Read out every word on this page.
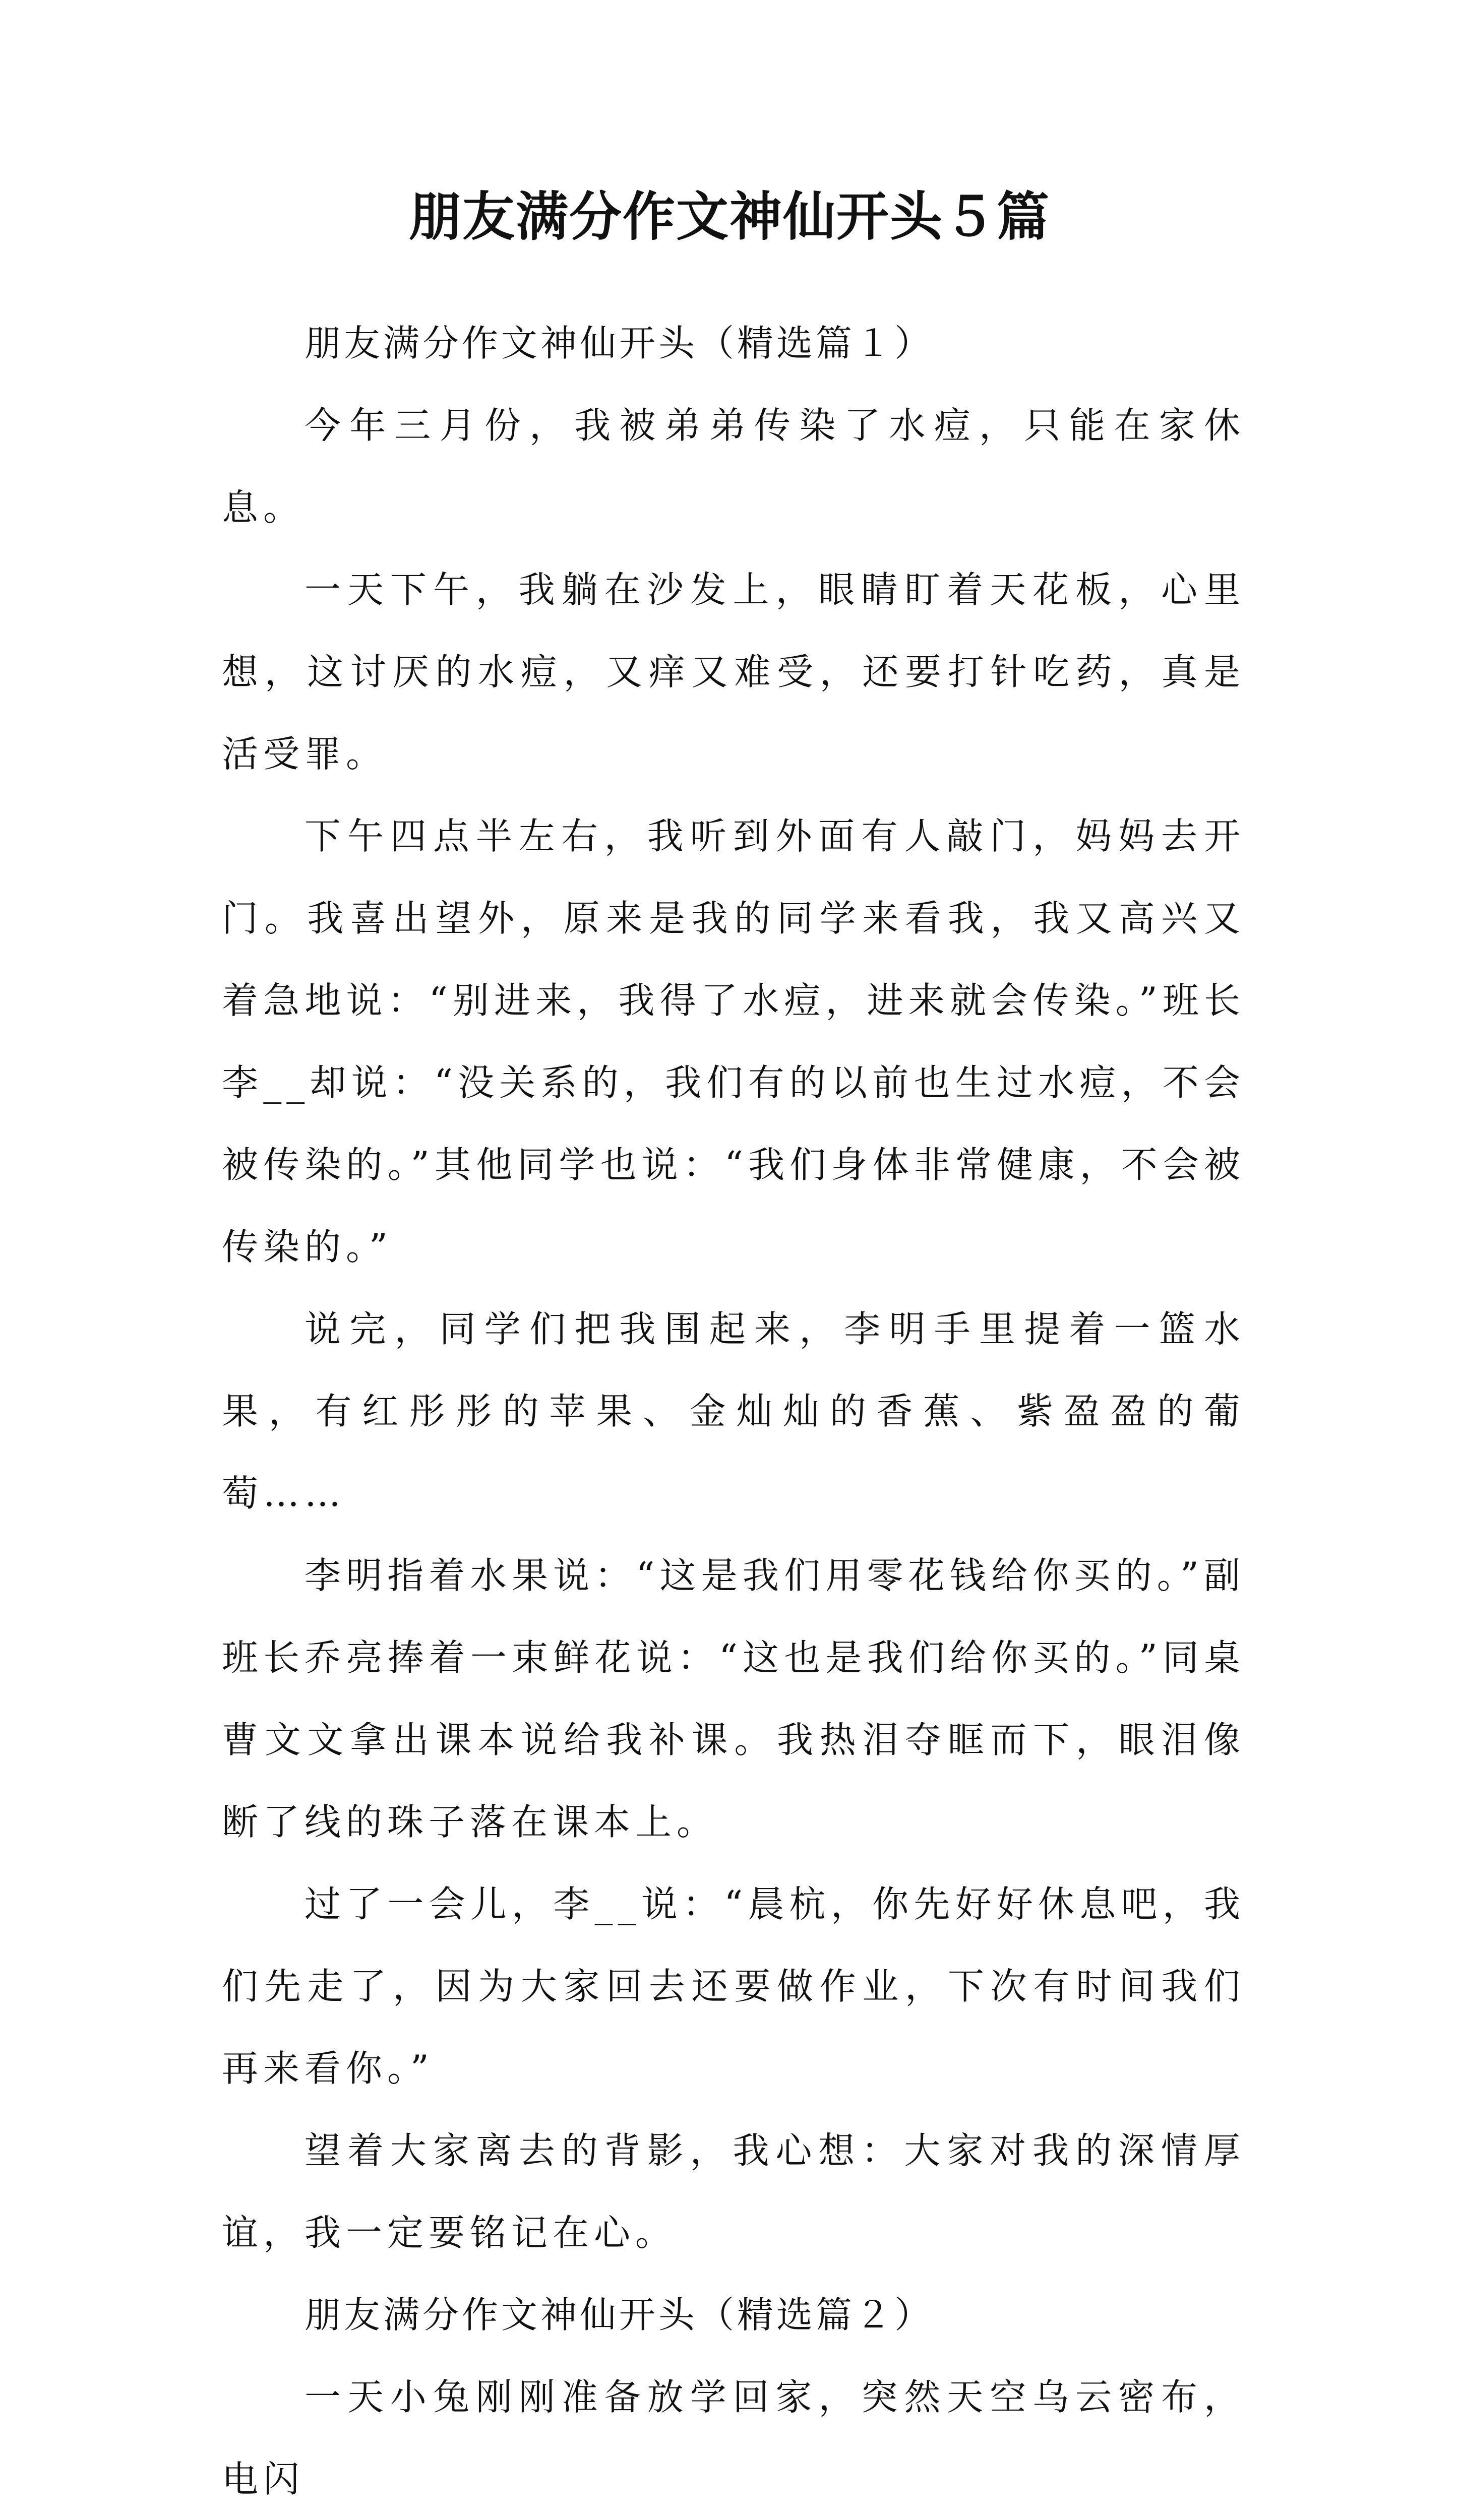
朋友满分作文神仙开头５篇

朋友满分作文神仙开头（精选篇１）

今年三月份，我被弟弟传染了水痘，只能在家休息。

一天下午，我躺在沙发上，眼睛盯着天花板，心里想，这讨厌的水痘，又痒又难受，还要打针吃药，真是活受罪。

下午四点半左右，我听到外面有人敲门，妈妈去开门。我喜出望外，原来是我的同学来看我，我又高兴又着急地说：“别进来，我得了水痘，进来就会传染。”班长李__却说：“没关系的，我们有的以前也生过水痘，不会被传染的。”其他同学也说：“我们身体非常健康，不会被传染的。”

说完，同学们把我围起来，李明手里提着一篮水果，有红彤彤的苹果、金灿灿的香蕉、紫盈盈的葡萄……

李明指着水果说：“这是我们用零花钱给你买的。”副班长乔亮捧着一束鲜花说：“这也是我们给你买的。”同桌曹文文拿出课本说给我补课。我热泪夺眶而下，眼泪像断了线的珠子落在课本上。

过了一会儿，李__说：“晨杭，你先好好休息吧，我们先走了，因为大家回去还要做作业，下次有时间我们再来看你。”

望着大家离去的背影，我心想：大家对我的深情厚谊，我一定要铭记在心。

朋友满分作文神仙开头（精选篇２）

一天小兔刚刚准备放学回家，突然天空乌云密布，电闪
